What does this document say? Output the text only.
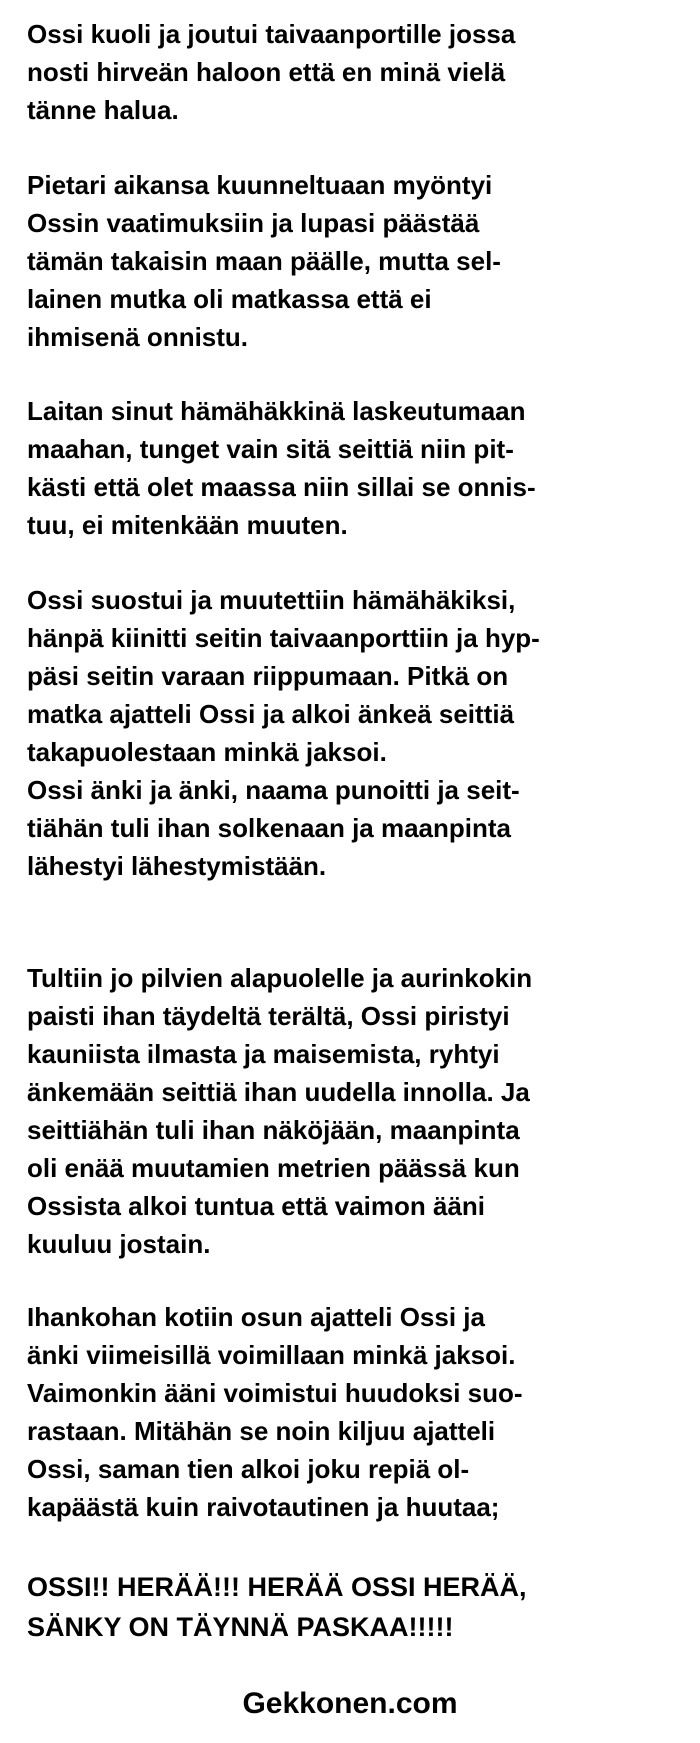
Ossi kuoli ja joutui taivaanportille jossa
nosti hirveän haloon että en minä vielä
tänne halua.

Pietari aikansa kuunneltuaan myöntyi
Ossin vaatimuksiin ja lupasi päästää
tämän takaisin maan päälle, mutta sel-
lainen mutka oli matkassa että ei
ihmisenä onnistu.

Laitan sinut hämähäkkinä laskeutumaan
maahan, tunget vain sitä seittiä niin pit-
kästi että olet maassa niin sillai se onnis-
tuu, ei mitenkään muuten.

Ossi suostui ja muutettiin hämähäkiksi,
hänpä kiinitti seitin taivaanporttiin ja hyp-
päsi seitin varaan riippumaan. Pitkä on
matka ajatteli Ossi ja alkoi änkeä seittiä
takapuolestaan minkä jaksoi.
Ossi änki ja änki, naama punoitti ja seit-
tiähän tuli ihan solkenaan ja maanpinta
lähestyi lähestymistään.

Tultiin jo pilvien alapuolelle ja aurinkokin
paisti ihan täydeltä terältä, Ossi piristyi
kauniista ilmasta ja maisemista, ryhtyi
änkemään seittiä ihan uudella innolla. Ja
seittiähän tuli ihan näköjään, maanpinta
oli enää muutamien metrien päässä kun
Ossista alkoi tuntua että vaimon ääni
kuuluu jostain.

Ihankohan kotiin osun ajatteli Ossi ja
änki viimeisillä voimillaan minkä jaksoi.
Vaimonkin ääni voimistui huudoksi suo-
rastaan. Mitähän se noin kiljuu ajatteli
Ossi, saman tien alkoi joku repiä ol-
kapäästä kuin raivotautinen ja huutaa;

OSSI!! HERÄÄ!!! HERÄÄ OSSI HERÄÄ,
SÄNKY ON TÄYNNÄ PASKAA!!!!!

Gekkonen.com
